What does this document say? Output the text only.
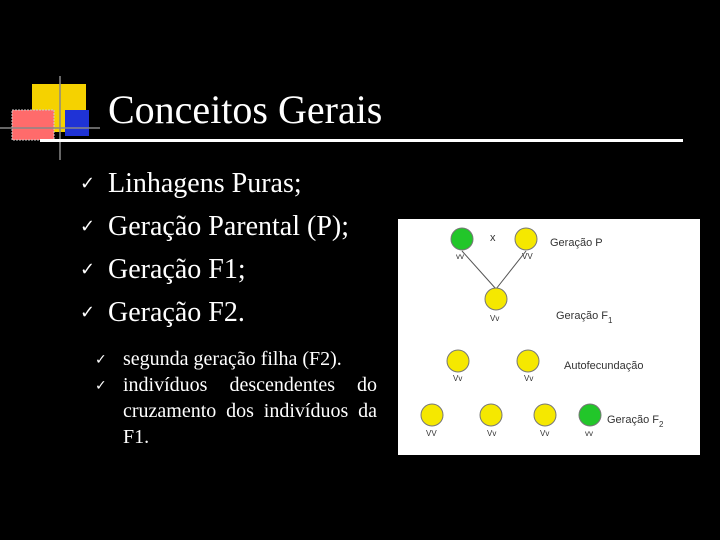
Conceitos Gerais
✓ Linhagens Puras;
✓ Geração Parental (P);
✓ Geração F1;
✓ Geração F2.
✓ segunda geração filha (F2).
✓ indivíduos descendentes do cruzamento dos indivíduos da F1.
x	Geração P
vv	VV
Vv	Geração $F_1$
Autofecundação
Vv	Vv
Geração $F_2$
VV	Vv	Vv	vv
